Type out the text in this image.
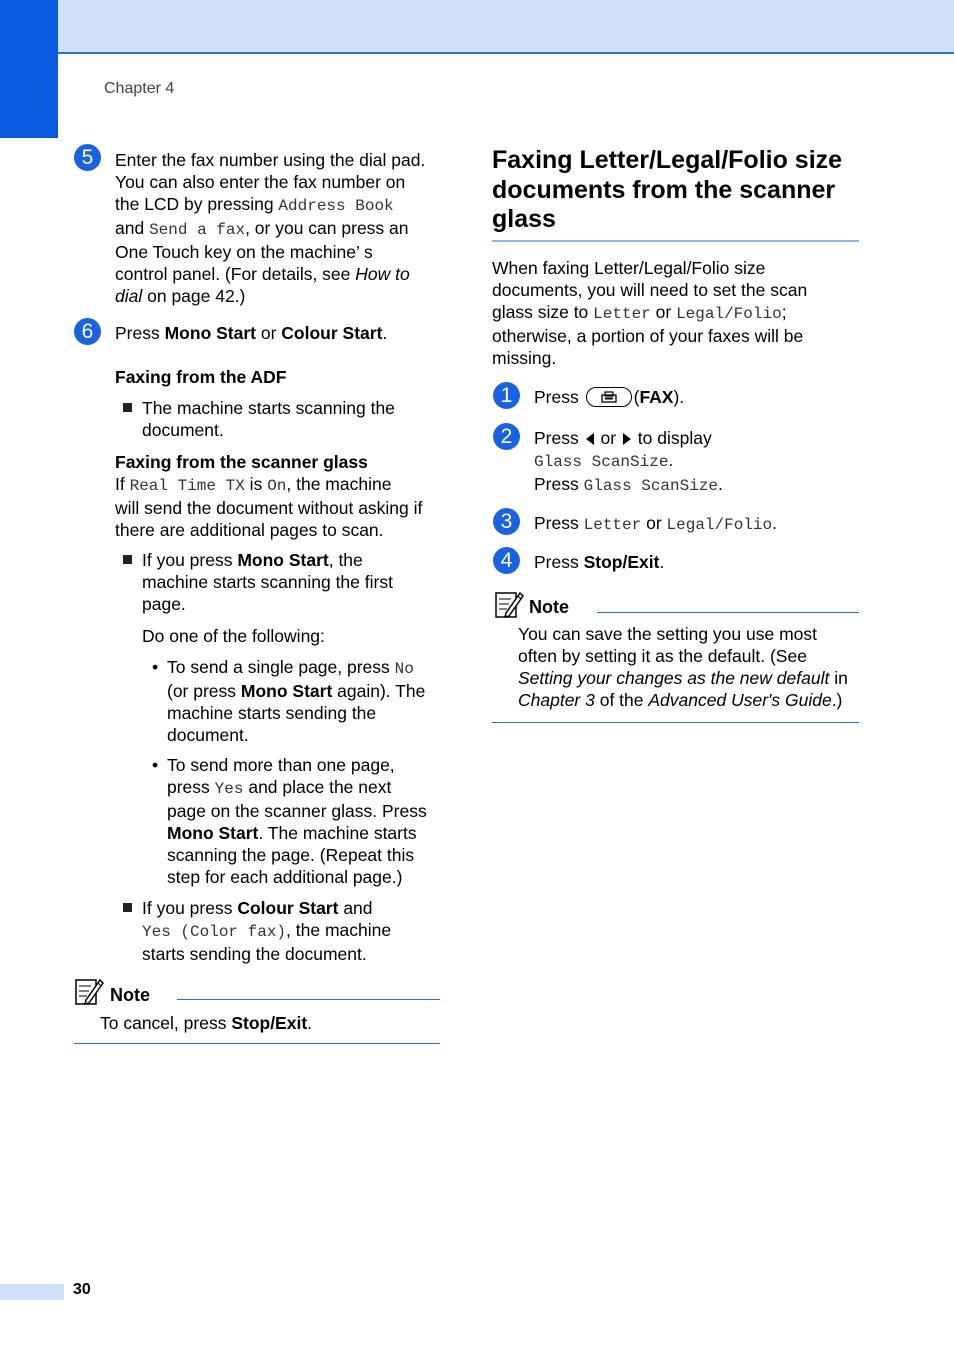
Chapter 4
5	Enter the fax number using the dial pad.
You can also enter the fax number on
the LCD by pressing Address Book
and Send a fax, or you can press an
One Touch key on the machine’ s
control panel. (For details, see How to
dial on page 42.)
6	Press Mono Start or Colour Start.
Faxing from the ADF
The machine starts scanning the
document.
Faxing from the scanner glass
If Real Time TX is On, the machine
will send the document without asking if
there are additional pages to scan.
If you press Mono Start, the
machine starts scanning the first
page.
Do one of the following:
• To send a single page, press No
(or press Mono Start again). The
machine starts sending the
document.
• To send more than one page,
press Yes and place the next
page on the scanner glass. Press
Mono Start. The machine starts
scanning the page. (Repeat this
step for each additional page.)
If you press Colour Start and
Yes (Color fax), the machine
starts sending the document.
Note
To cancel, press Stop/Exit.
Faxing Letter/Legal/Folio size
documents from the scanner
glass
When faxing Letter/Legal/Folio size
documents, you will need to set the scan
glass size to Letter or Legal/Folio;
otherwise, a portion of your faxes will be
missing.
1	Press	(FAX).
2	Press  or  to display
Glass ScanSize.
Press Glass ScanSize.
3	Press Letter or Legal/Folio.
4	Press Stop/Exit.
Note
You can save the setting you use most
often by setting it as the default. (See
Setting your changes as the new default in
Chapter 3 of the Advanced User's Guide.)
30
